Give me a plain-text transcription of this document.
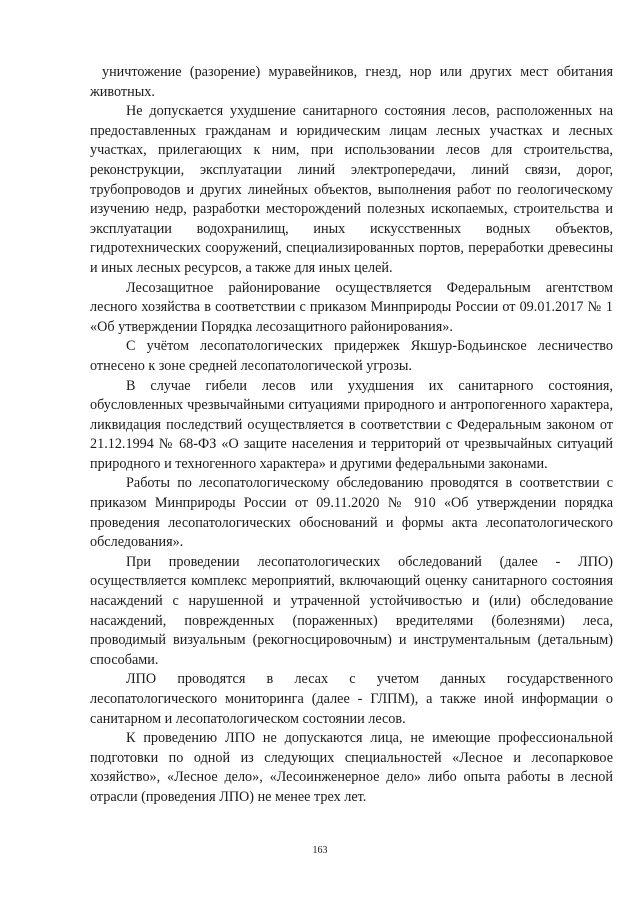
уничтожение (разорение) муравейников, гнезд, нор или других мест обитания животных.

Не допускается ухудшение санитарного состояния лесов, расположенных на предоставленных гражданам и юридическим лицам лесных участках и лесных участках, прилегающих к ним, при использовании лесов для строительства, реконструкции, эксплуатации линий электропередачи, линий связи, дорог, трубопроводов и других линейных объектов, выполнения работ по геологическому изучению недр, разработки месторождений полезных ископаемых, строительства и эксплуатации водохранилищ, иных искусственных водных объектов, гидротехнических сооружений, специализированных портов, переработки древесины и иных лесных ресурсов, а также для иных целей.

Лесозащитное районирование осуществляется Федеральным агентством лесного хозяйства в соответствии с приказом Минприроды России от 09.01.2017 № 1 «Об утверждении Порядка лесозащитного районирования».

С учётом лесопатологических придержек Якшур-Бодьинское лесничество отнесено к зоне средней лесопатологической угрозы.

В случае гибели лесов или ухудшения их санитарного состояния, обусловленных чрезвычайными ситуациями природного и антропогенного характера, ликвидация последствий осуществляется в соответствии с Федеральным законом от 21.12.1994 № 68-ФЗ «О защите населения и территорий от чрезвычайных ситуаций природного и техногенного характера» и другими федеральными законами.

Работы по лесопатологическому обследованию проводятся в соответствии с приказом Минприроды России от 09.11.2020 № 910 «Об утверждении порядка проведения лесопатологических обоснований и формы акта лесопатологического обследования».

При проведении лесопатологических обследований (далее - ЛПО) осуществляется комплекс мероприятий, включающий оценку санитарного состояния насаждений с нарушенной и утраченной устойчивостью и (или) обследование насаждений, поврежденных (пораженных) вредителями (болезнями) леса, проводимый визуальным (рекогносцировочным) и инструментальным (детальным) способами.

ЛПО проводятся в лесах с учетом данных государственного лесопатологического мониторинга (далее - ГЛПМ), а также иной информации о санитарном и лесопатологическом состоянии лесов.

К проведению ЛПО не допускаются лица, не имеющие профессиональной подготовки по одной из следующих специальностей «Лесное и лесопарковое хозяйство», «Лесное дело», «Лесоинженерное дело» либо опыта работы в лесной отрасли (проведения ЛПО) не менее трех лет.

163
